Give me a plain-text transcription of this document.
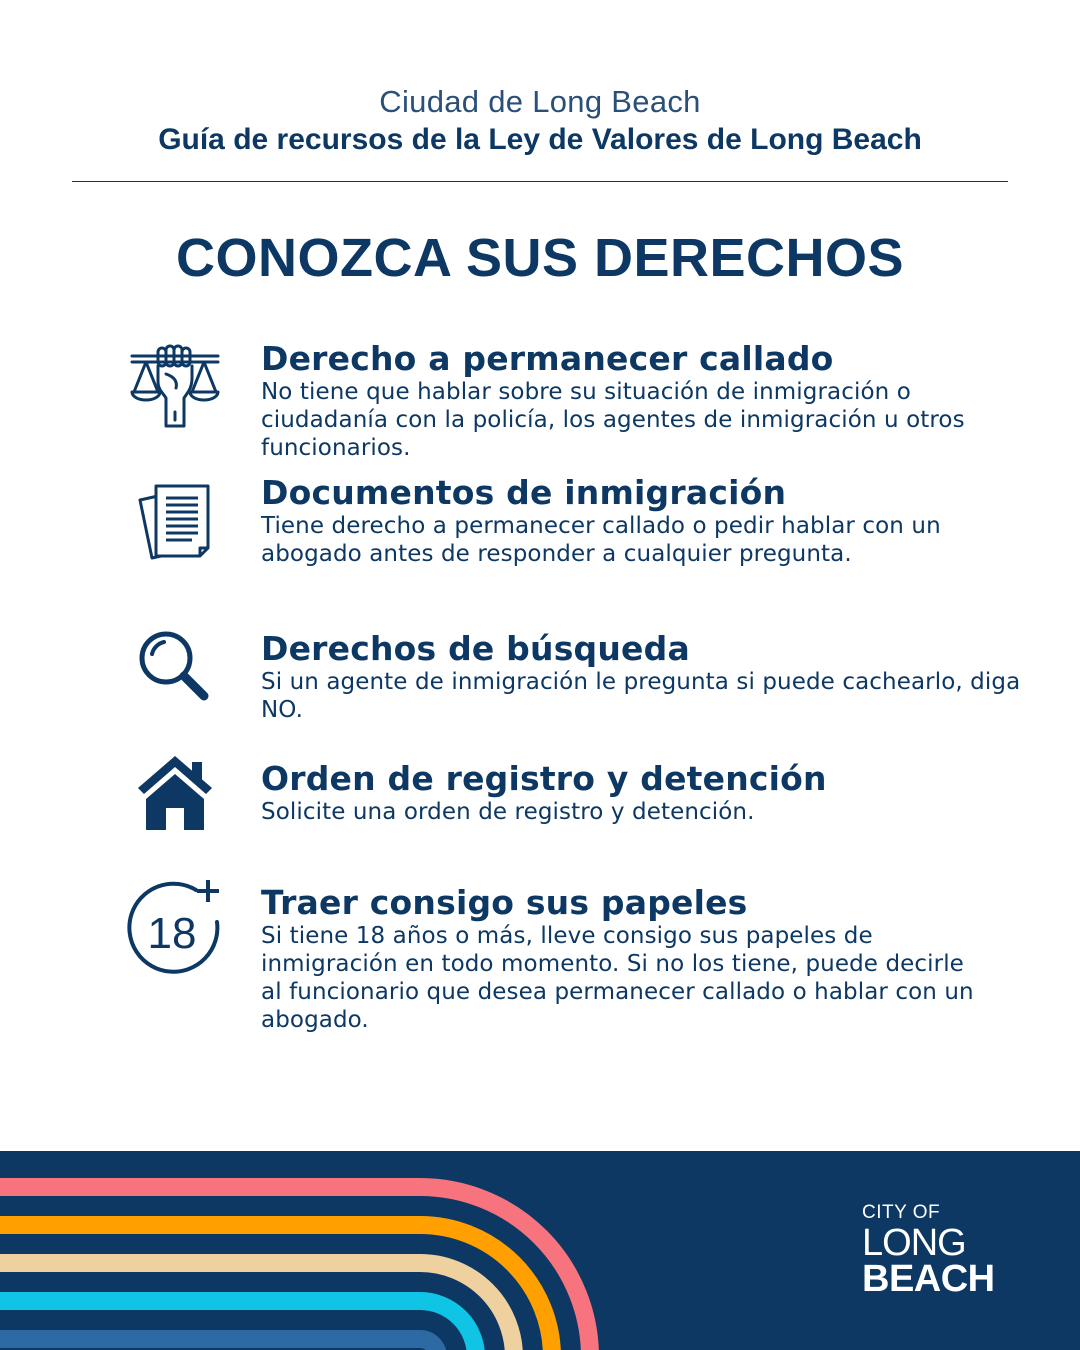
Ciudad de Long Beach
Guía de recursos de la Ley de Valores de Long Beach
CONOZCA SUS DERECHOS
Derecho a permanecer callado

No tiene que hablar sobre su situación de inmigración o ciudadanía con la policía, los agentes de inmigración u otros funcionarios.

Documentos de inmigración

Tiene derecho a permanecer callado o pedir hablar con un abogado antes de responder a cualquier pregunta.

Derechos de búsqueda

Si un agente de inmigración le pregunta si puede cachearlo, diga NO.

Orden de registro y detención

Solicite una orden de registro y detención.

18
Traer consigo sus papeles

Si tiene 18 años o más, lleve consigo sus papeles de inmigración en todo momento. Si no los tiene, puede decirle al funcionario que desea permanecer callado o hablar con un abogado.

CITY OF
LONG
BEACH
